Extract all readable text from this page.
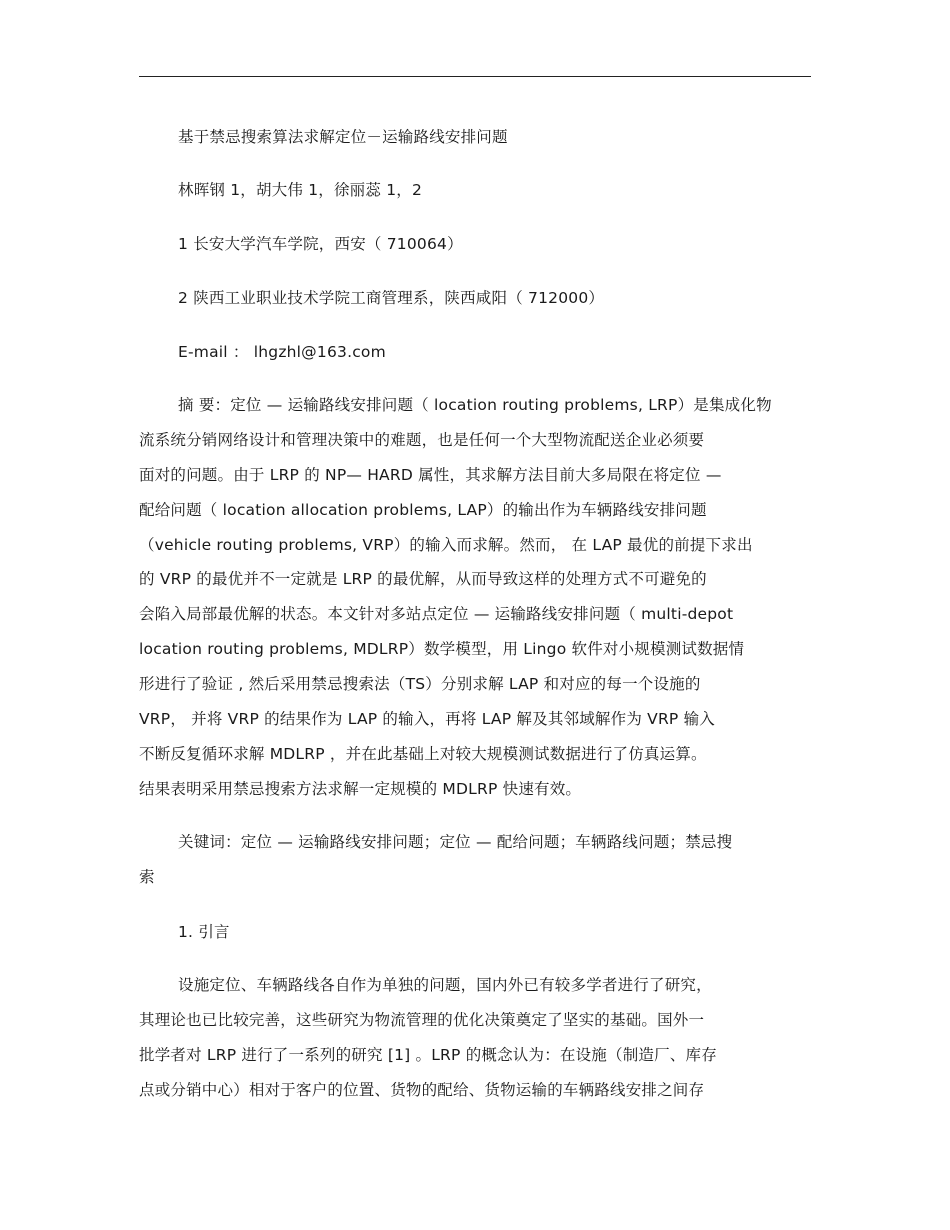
基于禁忌搜索算法求解定位－运输路线安排问题
林晖钢 1，胡大伟 1，徐丽蕊 1，2
1 长安大学汽车学院，西安（ 710064）
2 陕西工业职业技术学院工商管理系，陕西咸阳（ 712000）
E-mail ： lhgzhl@163.com
摘 要：定位 — 运输路线安排问题（ location routing problems, LRP）是集成化物
流系统分销网络设计和管理决策中的难题，也是任何一个大型物流配送企业必须要
面对的问题。由于 LRP 的 NP— HARD 属性，其求解方法目前大多局限在将定位 —
配给问题（ location allocation problems, LAP）的输出作为车辆路线安排问题
（vehicle routing problems, VRP）的输入而求解。然而， 在 LAP 最优的前提下求出
的 VRP 的最优并不一定就是 LRP 的最优解，从而导致这样的处理方式不可避免的
会陷入局部最优解的状态。本文针对多站点定位 — 运输路线安排问题（ multi-depot
location routing problems, MDLRP）数学模型，用 Lingo 软件对小规模测试数据情
形进行了验证 , 然后采用禁忌搜索法（TS）分别求解 LAP 和对应的每一个设施的
VRP， 并将 VRP 的结果作为 LAP 的输入，再将 LAP 解及其邻域解作为 VRP 输入
不断反复循环求解 MDLRP ，并在此基础上对较大规模测试数据进行了仿真运算。
结果表明采用禁忌搜索方法求解一定规模的 MDLRP 快速有效。
关键词：定位 — 运输路线安排问题；定位 — 配给问题；车辆路线问题；禁忌搜
索
1. 引言
设施定位、车辆路线各自作为单独的问题，国内外已有较多学者进行了研究，
其理论也已比较完善，这些研究为物流管理的优化决策奠定了坚实的基础。国外一
批学者对 LRP 进行了一系列的研究 [1] 。LRP 的概念认为：在设施（制造厂、库存
点或分销中心）相对于客户的位置、货物的配给、货物运输的车辆路线安排之间存
